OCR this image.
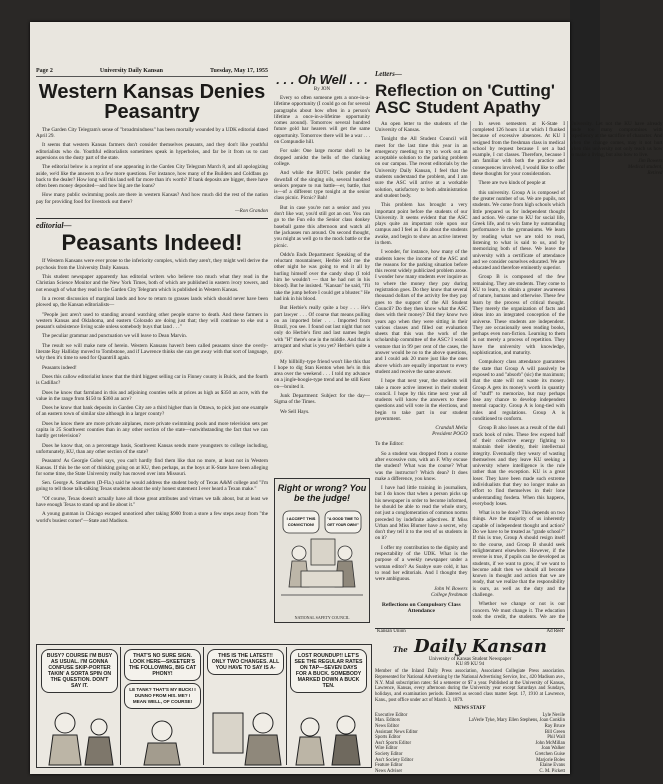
Page 2	University Daily Kansan	Tuesday, May 17, 1955
Western Kansas Denies Peasantry

The Garden City Telegram's sense of "broadmindness" has been mortally wounded by a UDK editorial dated April 29.

It seems that western Kansas farmers don't consider themselves peasants, and they don't like youthful editorialists who do. Youthful editorialists sometimes speak in hyperboles, and far be it from us to cast aspersions on the dusty part of the state.

The editorial below is a reprint of one appearing in the Garden City Telegram March 8, and all apologizing aside, we'd like the answers to a few more questions. For instance, how many of the Builders and Coldfans go back to the dealer? How long will this land sell far more than it's worth? If bank deposits are bigger, there have often been money deposited—and how big are the loans?

How many public swimming pools are there in western Kansas? And how much did the rest of the nation pay for providing food for livestock out there?

—Ron Grandon

editorial—

Peasants Indeed!

If Western Kansans were ever prone to the inferiority complex, which they aren't, they might well derive the psychosis from the University Daily Kansan.

This student newspaper apparently has editorial writers who believe too much what they read in the Christian Science Monitor and the New York Times, both of which are published in eastern ivory towers, and not enough of what they read in the Garden City Telegram which is published in Western Kansas.

In a recent discussion of marginal lands and how to return to grasses lands which should never have been plowed up, the Kansan editorialists—

"People just aren't used to standing around watching other people starve to death. And these farmers in western Kansas and Oklahoma, and eastern Colorado are doing just that; they will continue to eke out a peasant's subsistence living scale unless somebody buys that land . . ."

The peculiar grammar and punctuation we will leave to Dean Marvin.

The result we will make note of herein. Western Kansans haven't been called peasants since the overly-literate Ray Halliday moved to Tombstone, and if Lawrence thinks she can get away with that sort of language, why then it's time to send for Quantrill again.

Peasants indeed!

Does this callow editorialist know that the third biggest selling car in Finney county is Buick, and the fourth is Cadillac?

Does he know that farmland in this and adjoining counties sells at prices as high as $350 an acre, with the value in the range from $150 to $360 an acre?

Does he know that bank deposits in Garden City are a third higher than in Ottawa, to pick just one example of an eastern town of similar size although in a larger county?

Does he know there are more private airplanes, more private swimming pools and more television sets per capita in 25 Southwest counties than in any other section of the state—notwithstanding the fact that we can hardly get television?

Does he know that, on a percentage basis, Southwest Kansas sends more youngsters to college including, unfortunately, KU, than any other section of the state?

Peasants! As Georgie Gobel says, you can't hardly find them like that no more, at least not in Western Kansas. If this be the sort of thinking going on at KU, then perhaps, as the boys at K-State have been alleging for some time, the State University really has moved over into Missouri.

Sen. George A. Smathers (D-Fla.) said he would address the student body of Texas A&M college and "I'm going to tell those talk-talking Texas students about the only honest statement I ever heard a Texan make."

"Of course, Texas doesn't actually have all those great attributes and virtues we talk about, but at least we have enough Texas to stand up and lie about it."

A young gunman in Chicago escaped unnoticed after taking $900 from a store a few steps away from "the world's busiest corner"—State and Madison.

. . . Oh Well . . .

By JON

Every so often someone gets a once-in-a-lifetime opportunity (I could go on for several paragraphs about how often in a person's lifetime a once-in-a-lifetime opportunity comes around). Tomorrow several hundred future gold bar hearers will get the same opportunity. Tomorrow there will be a war . . . on Compundie hill.

For sale: One large mortar shell to be dropped amidst the bells of the clanking college.

And while the ROTC bells ponder the downfall of the singing oils, several hundred seniors prepare to run battle—er, battle, that is—of a different type tonight at the senior class picnic. Picnic? Bah!

But in case you're not a senior and you don't like war, you'd still got an out. You can go to the Fun eilo the Senior class donkey baseball game this afternoon and watch all the jackasses run around. On second thought, you might as well go to the mock battle or the picnic.

Odds'n Ends Department: Speaking of the reluctant mountaineer, Herbie told me the other night he was going to end it all by hurling himself over the candy shop (I told him he wouldn't — that he had not in his blood). But he insisted. "Kansan" he said, "I'll take the jump before I could get a bluster." He had ink in his blood.

But Herbie's really quite a boy . . . He's part lawyer . . . Of course that means pulling on an imported brier . . . Imported from Brazil, you see. I found out last night that not only do Herbie's first and last names begin with "H" there's one in the middle. And that is arrogant and what is you yet? Herbie's quite a guy.

My hillbilly-type friend won't like this that I hope to dig Stan Kenton when he's in this area over the weekend . . . I told my advance on a jingle-boogie-type trend and he still Kent on—bruited it.

Junk Department: Subject for the day—Sigma of the Times.

We Sell Hays.

Right or wrong? You be the judge!
I ACCEPT THIS
CONVICTION!
"A GOOD TIME TO
GET YOUR OWN!"
NATIONAL SAFETY COUNCIL

Letters—

Reflection on 'Cutting' ASC Student Apathy

An open letter to the students of the University of Kansas.

Tonight the All Student Council will meet for the last time this year in an emergency meeting to try to work out an acceptable solution to the parking problem on our campus. The recent editorials by the University Daily Kansan, I feel that the students understand the problem, and I am sure the ASC will arrive at a workable solution, satisfactory to both administration and student body.

This problem has brought a very important point before the students of our University. It seems evident that the ASC plays quite an important role upon our campus and I feel as I do about the students awake, and begin to show an active interest in them.

I wonder, for instance, how many of the students knew the income of the ASC and the reasons for the parking situation before this recent widely publicized problem arose. I wonder how many students ever inquire as to where the money they pay during registration goes. Do they know that several thousand dollars of the activity fee they pay goes to the support of the All Student Council? Do they then know what the ASC does with their money? Did they know two years ago when they were sitting in their various classes and filled out evaluation sheets that this was the work of the scholarship committee of the ASC? I would venture that in 99 per cent of the cases, the answer would be no to the above questions, and I could ask 20 more just like the ones above which are equally important to every student and receive the same answer.

I hope that next year, the students will take a more active interest in their student council. I hope by this time next year all students will know the answers to these questions and will vote in the elections, and begin to take part in our student government.

Crandall Melia
President POGO

To the Editor:

So a student was dropped from a course after excessive cuts, with an F. Why excuse the student? What was the course? What was the instructor? Which dean? It does make a difference, you know.

I have had little training in journalism, but I do know that when a person picks up his newspaper in order to become informed, he should be able to read the whole story, not just a conglomeration of common norms preceded by indefinite adjectives. If Miss Urban and Miss Blumer have a secret, why don't they tell it to the rest of us students in on it?

I offer my contribution to the dignity and respectability of the UDK. What is the purpose of a weekly newspaper under a woman editor? As Soabye sure cold, it has to read her editorials. And I thought they were ambiguous.

John W. Bowers
College freshman

Reflections on Compulsory Class Attendance

In seven semesters at K-State I completed 126 hours 14 at which I flunked because of excessive absences. At KU I resigned from the freshman class in medical school by request because I set a bad example, I cut classes. Therefore, because I am familiar with both the practice and consequences involved, I would like to offer these thoughts for your consideration.

There are two kinds of people at

this university. Group A is composed of the greater number of us. We are pupils, not students. We come from high schools which little prepared us for independent thought and action. We came to KU for social life, Greek life, and to win fame by outstanding performance in the gymnasiums. We learn by reading what we are told to read, listening to what is said to us, and by memorizing both of these. We leave the university with a certificate of attendance and we consider ourselves educated. We are educated and therefore eminently superior.

Group B is composed of the few remaining. They are students. They come to KU to learn, to obtain a greater awareness of nature, humans and otherwise. These few learn by the process of critical thought. They merely the organization of facts and ideas into an integrated conception of the universe. These students are independent. They are occasionally seen reading books, perhaps even non-fiction. Learning to them is not merely a process of repetition. They have the university with knowledge, sophistication, and maturity.

Compulsory class attendance guarantees the state that Group A will passively be exposed to and "absorb" (sic) the maximum; that the state will not waste its money. Group A gets its money's worth in quantity of "stuff" to memorize, but may perhaps lose any chance to develop independent mental capacity. Group A is long-tied with rules and regulations. Group A is conditioned to conform.

Group B also loses as a result of the dull track book of rules. These few expend half of their collective energy fighting to maintain their identity, their intellectual integrity. Eventually they weary of wasting themselves and they leave KU seeking a university where intelligence is the rule rather than the exception. KU is a great loser. They have been made such extreme individualists that they no longer make an effort to find themselves in their lone understanding fosdeta. When this happens, everybody loses.

What is to be done? This depends on two things. Are the majority of us inherently capable of independent thought and action? Do we have to be treated as "grade school?" If this is true, Group A should resign itself to the course, and Group B should seek enlightenment elsewhere. However, if the reverse is true, if pupils can be developed as students, if we want to grow, if we want to become adult then we should all become known in thought and action that we are ready, that we realize that the responsibility is ours, as well as the duty and the challenge.

Whether we change or not is our concern. We must change it. The education took the credit, the students. We are the University. Let not the KU have already made too many compromises with expediency at the sacrifice of character. And when the change comes, may it not hurt when this university not only teach us how to make a living, but also how to live.

Jim Bowers
Medical student,
Retired

Kansan Union	Ad Reel
The Daily Kansan

University of Kansas Student Newspaper

KU 89 KU 94

Member of the Inland Daily Press association, Associated Collegiate Press association. Represented for National Advertising by the National Advertising Service, Inc., 420 Madison ave., N.Y. Mail subscription rates: $4 a semester or $7 a year. Published at the University of Kansas, Lawrence, Kansas, every afternoon during the University year except Saturdays and Sundays, holidays, and examination periods. Entered as second class matter Sept. 17, 1910 at Lawrence, Kans., post office under act of March 3, 1879.

NEWS STAFF

Executive Editor	Lyle Nevile
Man. Editors	LaVerle Tyke, Mary Ellen Stephens, Joan Conklin
News Editor	Ray Bruce
Assistant News Editor	Bill Green
Sports Editor	Phil Wall
Ass't Sports Editor	John McMillan
Wire Editor	Joan Walker
Society Editor	Gretchen Guise
Ass't Society Editor	Marjorie Boles
Feature Editor	Elaine Evans
News Adviser	C. M. Pickett
BUSY? COURSE I'M BUSY AS USUAL. I'M GONNA CONFUSE SKIP-PORTER TAKIN' A SORTA SPIN ON THE QUESTION. DON'T SAY IT.
THAT'S NO SURE SIGN. LOOK HERE—SKEETER'S THE FOLLOWING, BIG CAT PHONY!
LE TANK? THAT'S MY BUCK! I DUNNO FROM HIS. ME? I MEAN WELL, OF COURSE!
THIS IS THE LATEST!! ONLY TWO CHANGES. ALL YOU HAVE TO SAY IS A-
LOST ROUNDUP!! LET'S SEE THE REGULAR RATES ON TAP—SEVEN DAYS FOR A BUCK. SOMEBODY MARKED DOWN A BUCK TEN.
